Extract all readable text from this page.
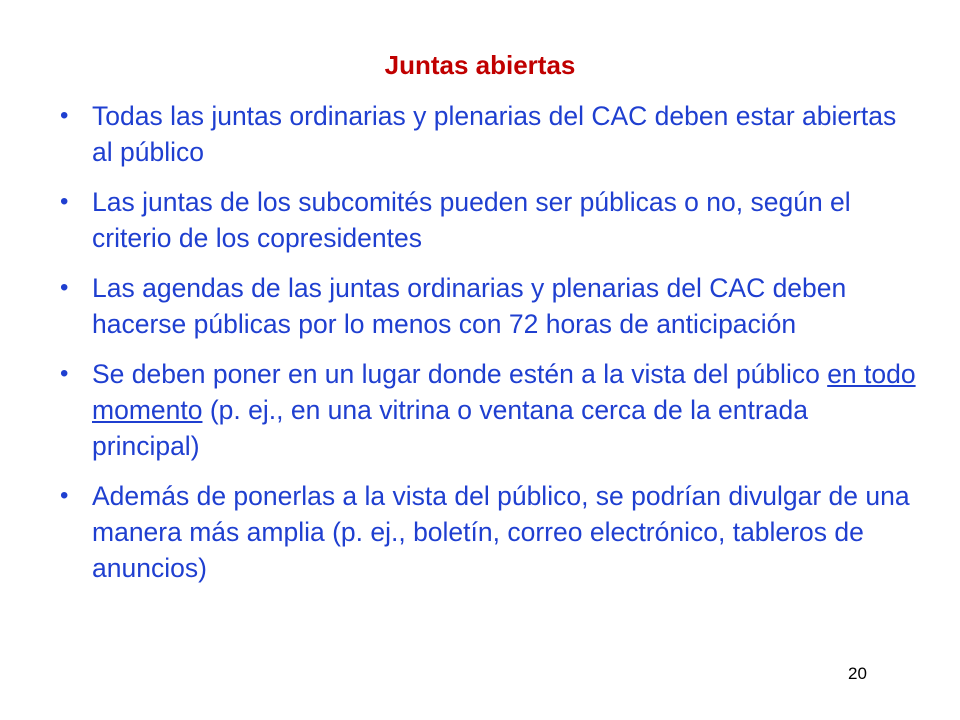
Juntas abiertas
• Todas las juntas ordinarias y plenarias del CAC deben estar abiertas al público
• Las juntas de los subcomités pueden ser públicas o no, según el criterio de los copresidentes
• Las agendas de las juntas ordinarias y plenarias del CAC deben hacerse públicas por lo menos con 72 horas de anticipación
• Se deben poner en un lugar donde estén a la vista del público en todo momento (p. ej., en una vitrina o ventana cerca de la entrada principal)
• Además de ponerlas a la vista del público, se podrían divulgar de una manera más amplia (p. ej., boletín, correo electrónico, tableros de anuncios)
20
